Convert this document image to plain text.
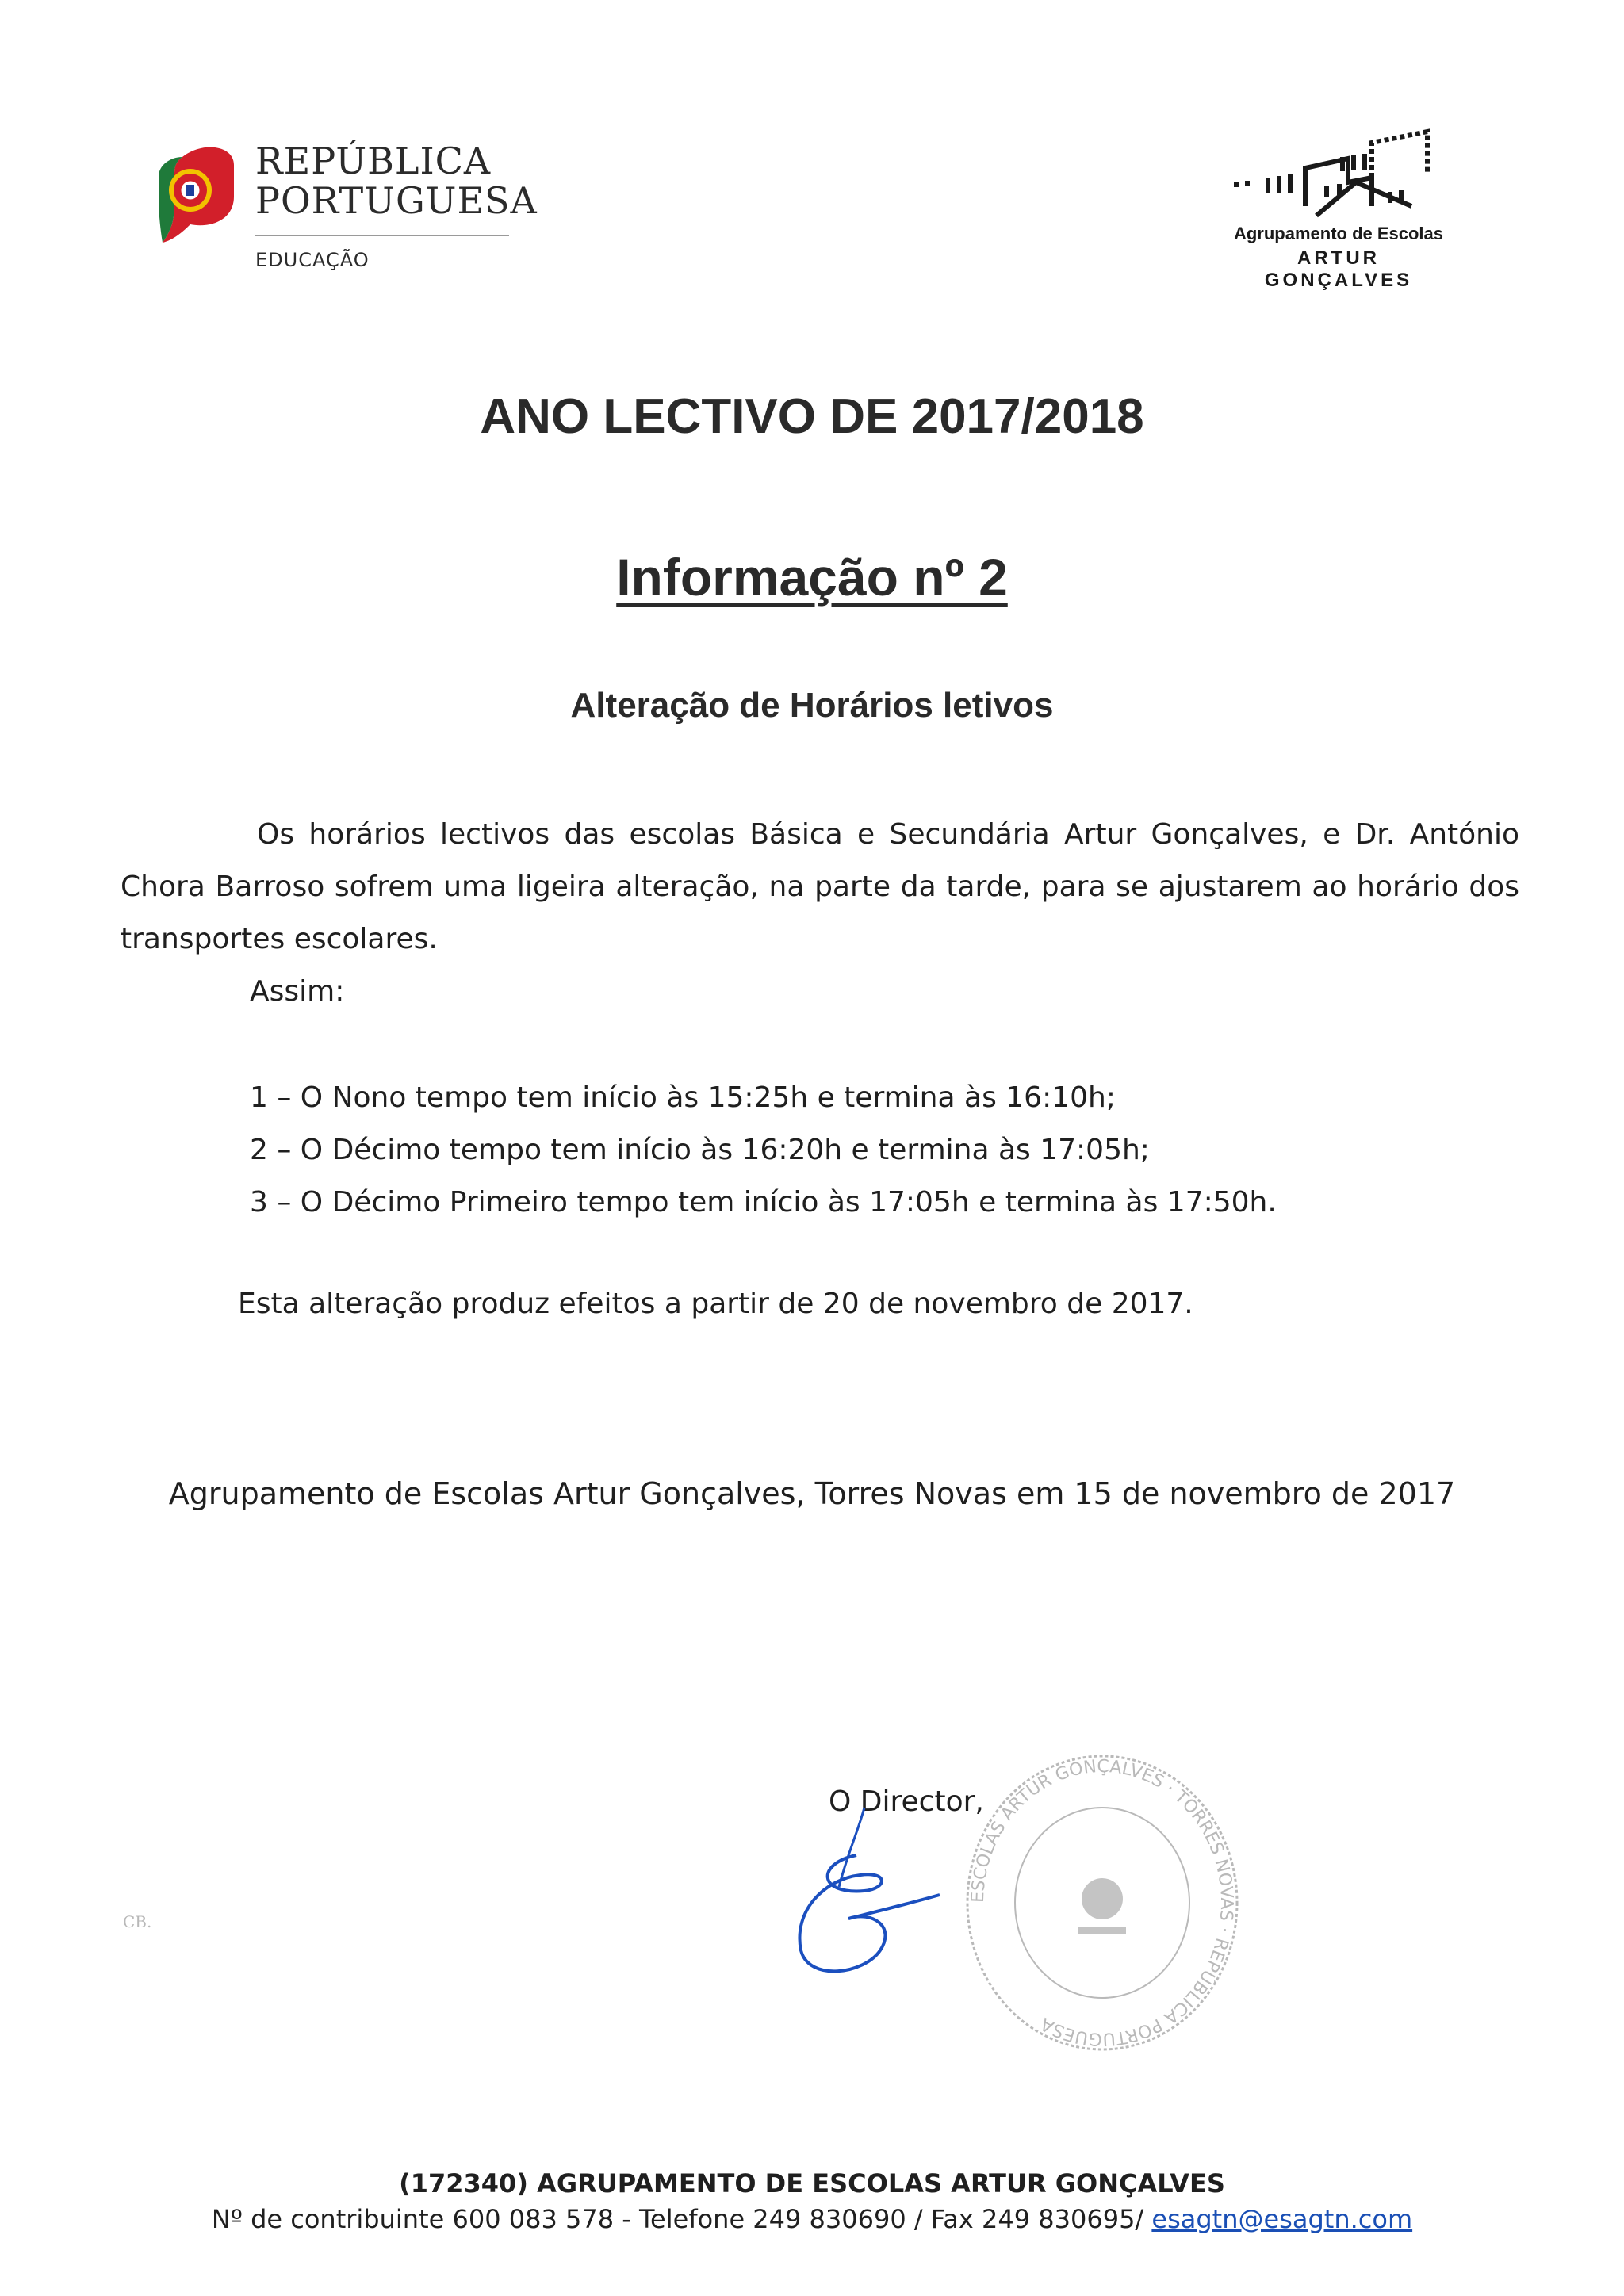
REPÚBLICA
PORTUGUESA
EDUCAÇÃO
Agrupamento de Escolas
ARTUR GONÇALVES
ANO LECTIVO DE 2017/2018
Informação nº 2
Alteração de Horários letivos
Os horários lectivos das escolas Básica e Secundária Artur Gonçalves, e Dr. António Chora Barroso sofrem uma ligeira alteração, na parte da tarde, para se ajustarem ao horário dos transportes escolares.
Assim:
1 – O Nono tempo tem início às 15:25h e termina às 16:10h;
2 – O Décimo tempo tem início às 16:20h e termina às 17:05h;
3 – O Décimo Primeiro tempo tem início às 17:05h e termina às 17:50h.
Esta alteração produz efeitos a partir de 20 de novembro de 2017.
Agrupamento de Escolas Artur Gonçalves, Torres Novas em 15 de novembro de 2017
O Director,
ESCOLAS ARTUR GONÇALVES · TORRES NOVAS · REPÚBLICA PORTUGUESA
CB.
(172340) AGRUPAMENTO DE ESCOLAS ARTUR GONÇALVES
Nº de contribuinte 600 083 578 - Telefone 249 830690 / Fax 249 830695/ esagtn@esagtn.com
